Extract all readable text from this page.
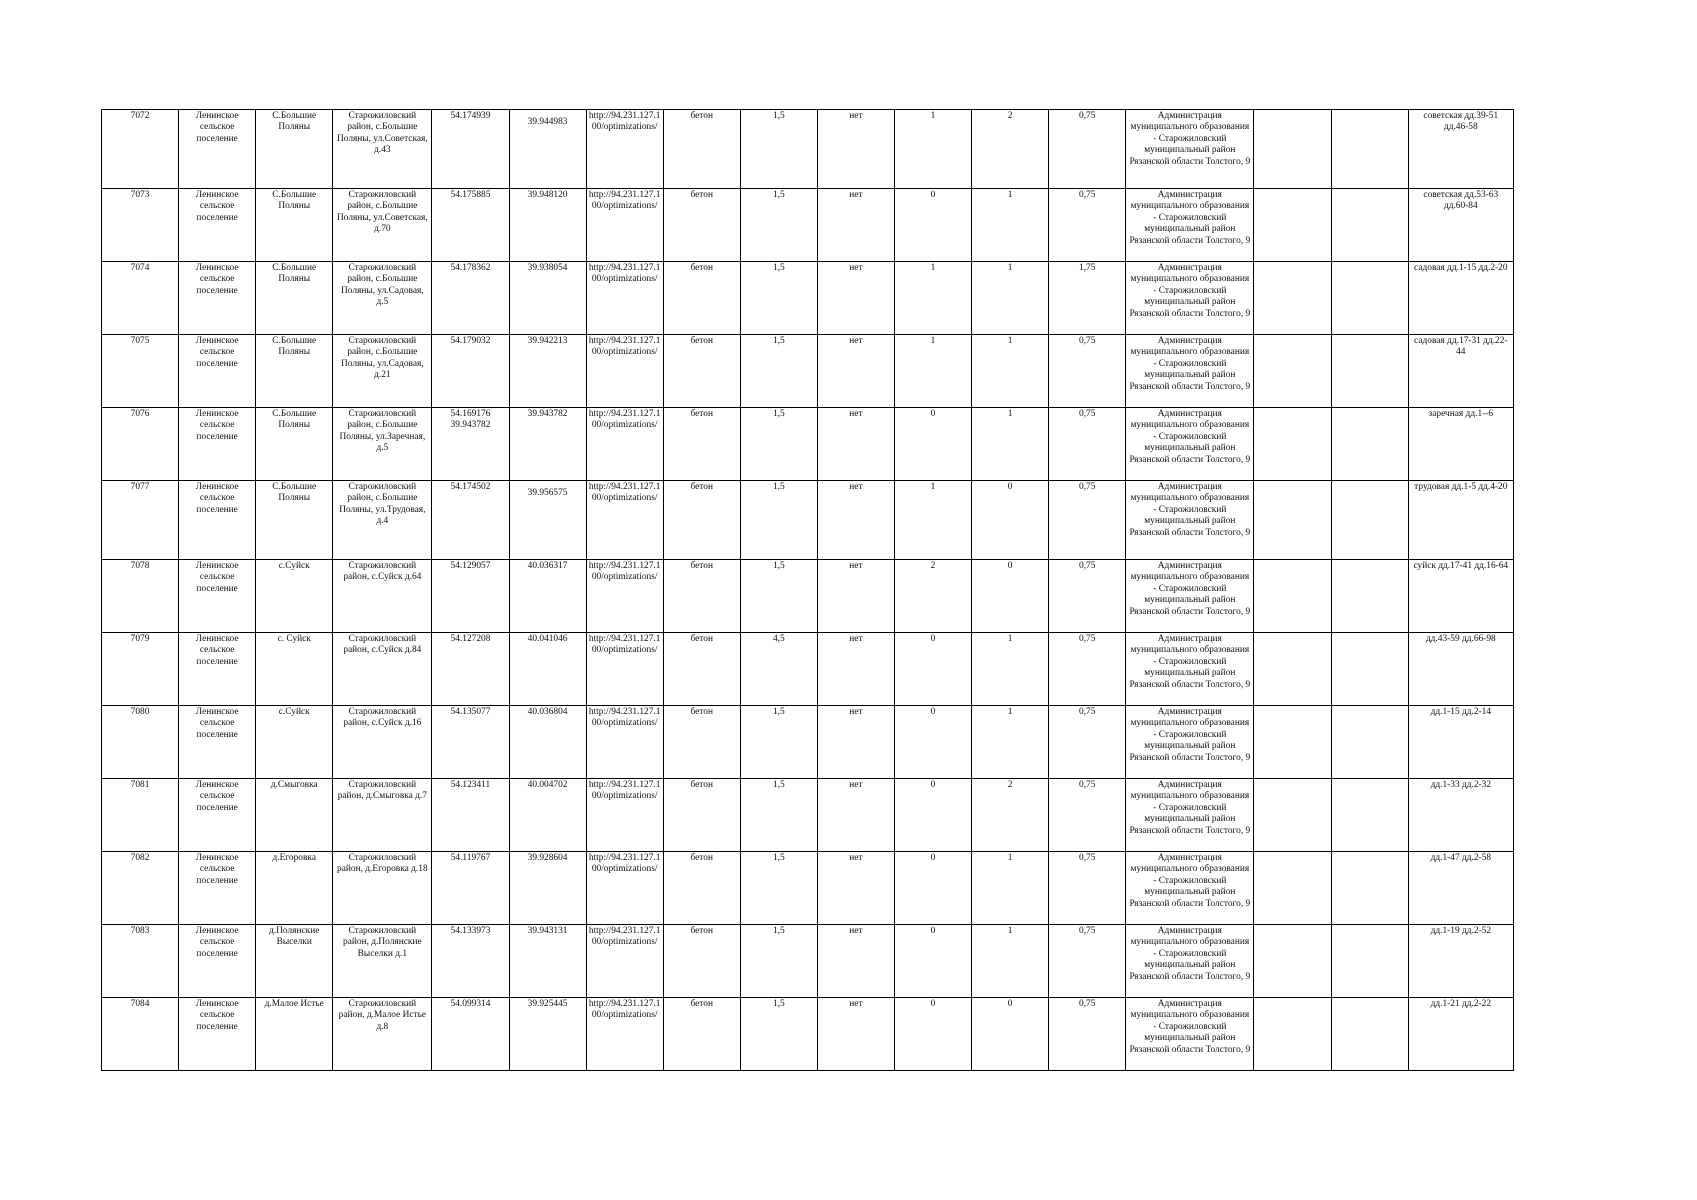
7072	Ленинское сельское поселение	С.Большие Поляны	Старожиловский район, с.Большие Поляны, ул.Советская, д.43	54.174939	39.944983	http://94.231.127.100/optimizations/	бетон	1,5	нет	1	2	0,75	Администрация муниципального образования - Старожиловский муниципальный район Рязанской области Толстого, 9			советская дд.39-51 дд.46-58
7073	Ленинское сельское поселение	С.Большие Поляны	Старожиловский район, с.Большие Поляны, ул.Советская, д.70	54.175885	39.948120	http://94.231.127.100/optimizations/	бетон	1,5	нет	0	1	0,75	Администрация муниципального образования - Старожиловский муниципальный район Рязанской области Толстого, 9			советская дд.53-63 дд.60-84
7074	Ленинское сельское поселение	С.Большие Поляны	Старожиловский район, с.Большие Поляны, ул.Садовая, д.5	54.178362	39.938054	http://94.231.127.100/optimizations/	бетон	1,5	нет	1	1	1,75	Администрация муниципального образования - Старожиловский муниципальный район Рязанской области Толстого, 9			садовая дд.1-15 дд.2-20
7075	Ленинское сельское поселение	С.Большие Поляны	Старожиловский район, с.Большие Поляны, ул.Садовая, д.21	54.179032	39.942213	http://94.231.127.100/optimizations/	бетон	1,5	нет	1	1	0,75	Администрация муниципального образования - Старожиловский муниципальный район Рязанской области Толстого, 9			садовая дд.17-31 дд.22-44
7076	Ленинское сельское поселение	С.Большие Поляны	Старожиловский район, с.Большие Поляны, ул.Заречная, д.5	54.169176 39.943782	39.943782	http://94.231.127.100/optimizations/	бетон	1,5	нет	0	1	0,75	Администрация муниципального образования - Старожиловский муниципальный район Рязанской области Толстого, 9			заречная дд.1--6
7077	Ленинское сельское поселение	С.Большие Поляны	Старожиловский район, с.Большие Поляны, ул.Трудовая, д.4	54.174502	39.956575	http://94.231.127.100/optimizations/	бетон	1,5	нет	1	0	0,75	Администрация муниципального образования - Старожиловский муниципальный район Рязанской области Толстого, 9			трудовая дд.1-5 дд.4-20
7078	Ленинское сельское поселение	с.Суйск	Старожиловский район, с.Суйск д.64	54.129057	40.036317	http://94.231.127.100/optimizations/	бетон	1,5	нет	2	0	0,75	Администрация муниципального образования - Старожиловский муниципальный район Рязанской области Толстого, 9			суйск дд.17-41 дд.16-64
7079	Ленинское сельское поселение	с. Суйск	Старожиловский район, с.Суйск д.84	54.127208	40.041046	http://94.231.127.100/optimizations/	бетон	4,5	нет	0	1	0,75	Администрация муниципального образования - Старожиловский муниципальный район Рязанской области Толстого, 9			дд.43-59 дд.66-98
7080	Ленинское сельское поселение	с.Суйск	Старожиловский район, с.Суйск д.16	54.135077	40.036804	http://94.231.127.100/optimizations/	бетон	1,5	нет	0	1	0,75	Администрация муниципального образования - Старожиловский муниципальный район Рязанской области Толстого, 9			дд.1-15 дд.2-14
7081	Ленинское сельское поселение	д.Смыговка	Старожиловский район, д.Смыговка д.7	54.123411	40.004702	http://94.231.127.100/optimizations/	бетон	1,5	нет	0	2	0,75	Администрация муниципального образования - Старожиловский муниципальный район Рязанской области Толстого, 9			дд.1-33 дд.2-32
7082	Ленинское сельское поселение	д.Егоровка	Старожиловский район, д.Егоровка д.18	54.119767	39.928604	http://94.231.127.100/optimizations/	бетон	1,5	нет	0	1	0,75	Администрация муниципального образования - Старожиловский муниципальный район Рязанской области Толстого, 9			дд.1-47 дд.2-58
7083	Ленинское сельское поселение	д.Полянские Выселки	Старожиловский район, д.Полянские Выселки д.1	54.133973	39.943131	http://94.231.127.100/optimizations/	бетон	1,5	нет	0	1	0,75	Администрация муниципального образования - Старожиловский муниципальный район Рязанской области Толстого, 9			дд.1-19 дд.2-52
7084	Ленинское сельское поселение	д.Малое Истье	Старожиловский район, д.Малое Истье д.8	54.099314	39.925445	http://94.231.127.100/optimizations/	бетон	1,5	нет	0	0	0,75	Администрация муниципального образования - Старожиловский муниципальный район Рязанской области Толстого, 9			дд.1-21 дд.2-22
